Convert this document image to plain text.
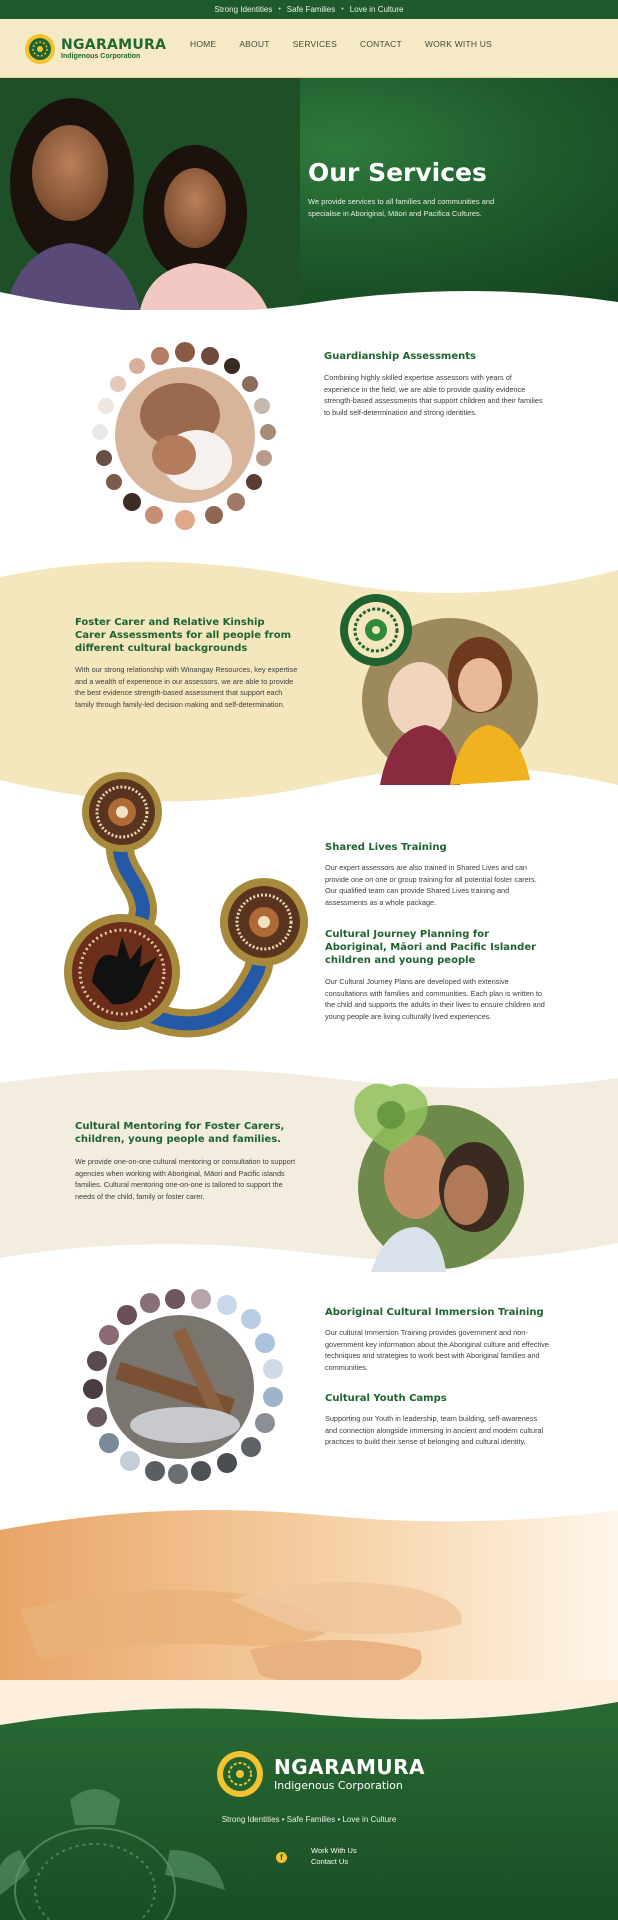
Strong Identities • Safe Families • Love in Culture
NGARAMURA
Indigenous Corporation
HOME	ABOUT	SERVICES	CONTACT	WORK WITH US
Our Services

We provide services to all families and communities and specialise in Aboriginal, Māori and Pacifica Cultures.

Guardianship Assessments

Combining highly skilled expertise assessors with years of experience in the field, we are able to provide quality evidence strength-based assessments that support children and their families to build self-determination and strong identities.

Foster Carer and Relative Kinship Carer Assessments for all people from different cultural backgrounds

With our strong relationship with Winangay Resources, key expertise and a wealth of experience in our assessors, we are able to provide the best evidence strength-based assessment that support each family through family-led decision making and self-determination.

Shared Lives Training

Our expert assessors are also trained in Shared Lives and can provide one on one or group training for all potential foster carers. Our qualified team can provide Shared Lives training and assessments as a whole package.

Cultural Journey Planning for Aboriginal, Māori and Pacific Islander children and young people

Our Cultural Journey Plans are developed with extensive consultations with families and communities. Each plan is written to the child and supports the adults in their lives to ensure children and young people are living culturally lived experiences.

Cultural Mentoring for Foster Carers, children, young people and families.

We provide one-on-one cultural mentoring or consultation to support agencies when working with Aboriginal, Māori and Pacific islands families. Cultural mentoring one-on-one is tailored to support the needs of the child, family or foster carer.

Aboriginal Cultural Immersion Training

Our cultural Immersion Training provides government and non-government key information about the Aboriginal culture and effective techniques and strategies to work best with Aboriginal families and communities.

Cultural Youth Camps

Supporting our Youth in leadership, team building, self-awareness and connection alongside immersing in ancient and modern cultural practices to build their sense of belonging and cultural identity.

NGARAMURA
Indigenous Corporation
Strong Identities • Safe Families • Love in Culture
f
Work With Us
Contact Us
